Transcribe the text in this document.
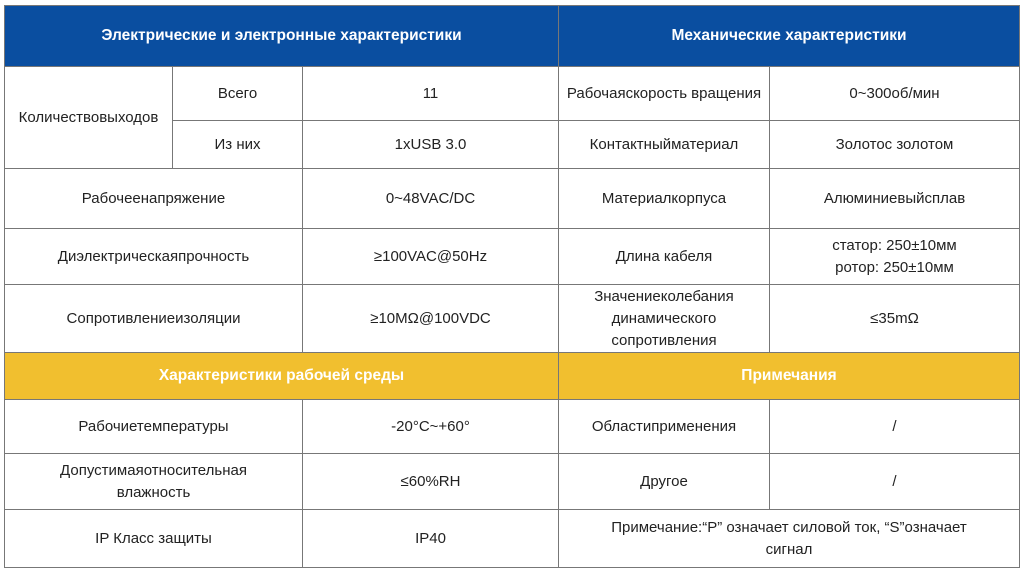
Электрические и электронные характеристики			Механические характеристики	
Количествовыходов	Всего	11	Рабочаяскорость вращения	0~300об/мин
	Из них	1xUSB 3.0	Контактныйматериал	Золотос золотом
Рабочеенапряжение		0~48VAC/DC	Материалкорпуса	Алюминиевыйсплав
Диэлектрическаяпрочность		≥100VAC@50Hz	Длина кабеля	статор: 250±10мм
ротор: 250±10мм

Сопротивлениеизоляции		≥10MΩ@100VDC	Значениеколебания
динамического
сопротивления	≤35mΩ
Характеристики рабочей среды			Примечания	
Рабочиетемпературы		-20°C~+60°	Областиприменения	/

Допустимаяотносительная
влажность		≤60%RH	Другое	/
IP Класс защиты		IP40	Примечание:“P” означает силовой ток, “S”означает
сигнал	
